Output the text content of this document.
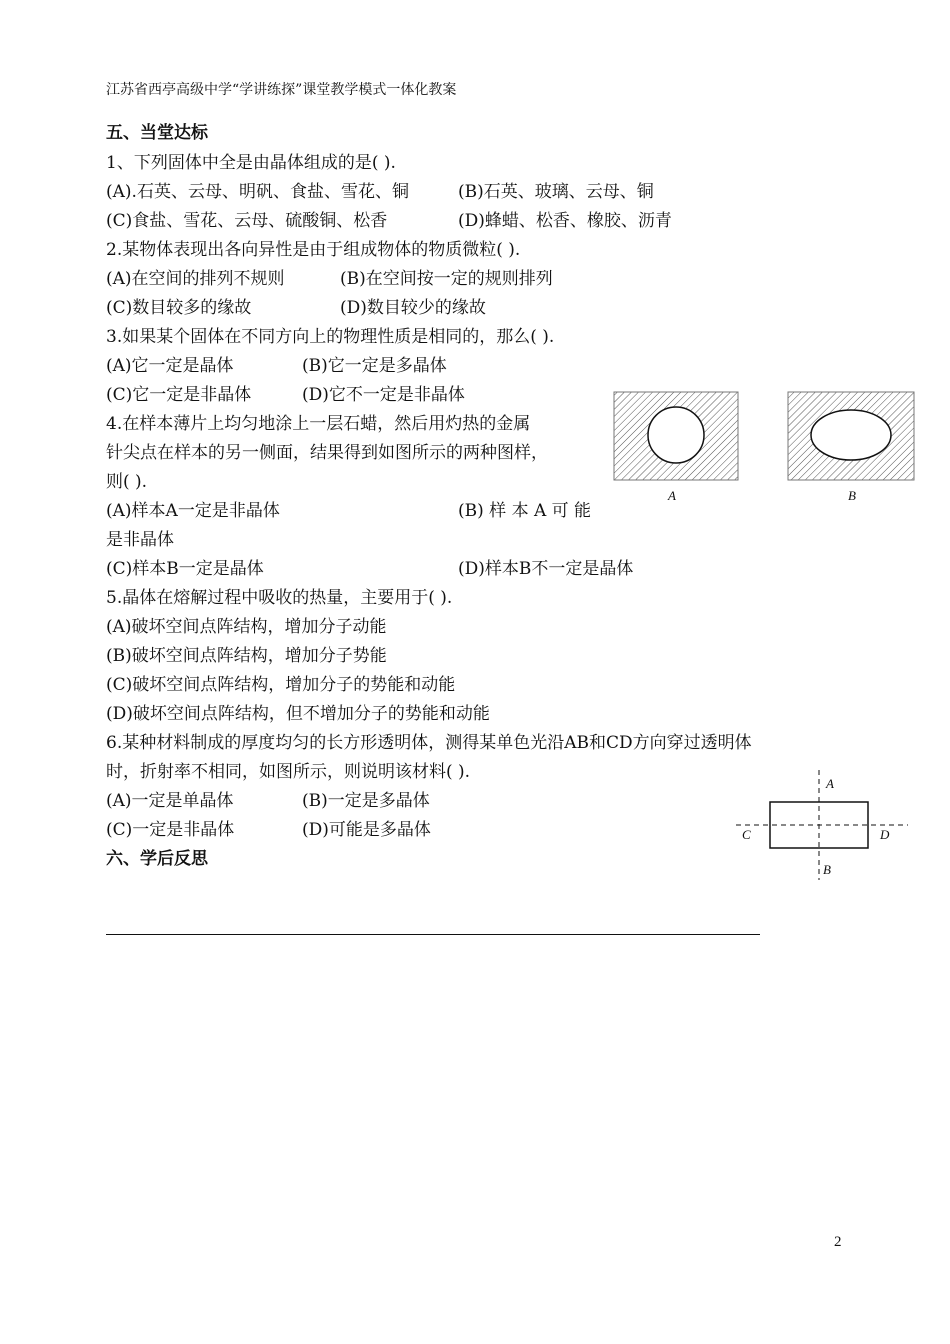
江苏省西亭高级中学“学讲练探”课堂教学模式一体化教案
五、当堂达标
1、下列固体中全是由晶体组成的是( ).
(A).石英、云母、明矾、食盐、雪花、铜	(B)石英、玻璃、云母、铜
(C)食盐、雪花、云母、硫酸铜、松香	(D)蜂蜡、松香、橡胶、沥青
2.某物体表现出各向异性是由于组成物体的物质微粒( ).
(A)在空间的排列不规则	(B)在空间按一定的规则排列
(C)数目较多的缘故	(D)数目较少的缘故
3.如果某个固体在不同方向上的物理性质是相同的，那么( ).
(A)它一定是晶体	(B)它一定是多晶体
(C)它一定是非晶体	(D)它不一定是非晶体
4.在样本薄片上均匀地涂上一层石蜡，然后用灼热的金属
针尖点在样本的另一侧面，结果得到如图所示的两种图样，
则( ).
(A)样本A一定是非晶体	(B) 样 本 A 可 能
是非晶体
(C)样本B一定是晶体	(D)样本B不一定是晶体
A	B
5.晶体在熔解过程中吸收的热量，主要用于( ).
(A)破坏空间点阵结构，增加分子动能
(B)破坏空间点阵结构，增加分子势能
(C)破坏空间点阵结构，增加分子的势能和动能
(D)破坏空间点阵结构，但不增加分子的势能和动能
6.某种材料制成的厚度均匀的长方形透明体，测得某单色光沿AB和CD方向穿过透明体
时，折射率不相同，如图所示，则说明该材料( ).
(A)一定是单晶体	(B)一定是多晶体
(C)一定是非晶体	(D)可能是多晶体
A
B
C	D
六、学后反思
2
